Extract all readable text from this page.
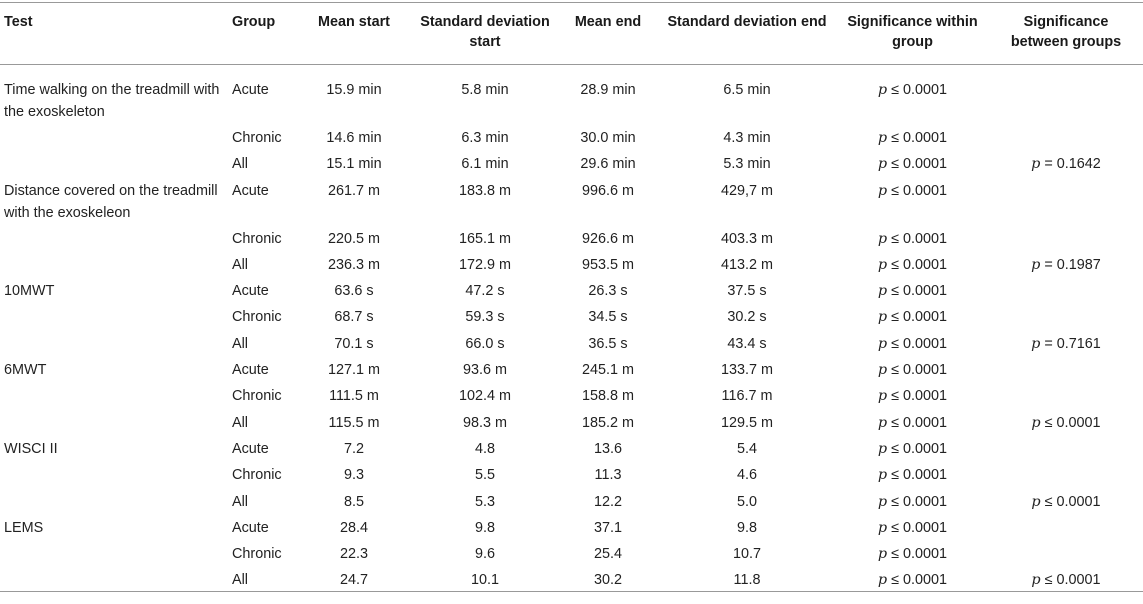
Test	Group	Mean start	Standard deviation start	Mean end	Standard deviation end	Significance within group	Significance between groups
Time walking on the treadmill with the exoskeleton	Acute	15.9 min	5.8 min	28.9 min	6.5 min	p ≤ 0.0001	
	Chronic	14.6 min	6.3 min	30.0 min	4.3 min	p ≤ 0.0001	
	All	15.1 min	6.1 min	29.6 min	5.3 min	p ≤ 0.0001	p = 0.1642
Distance covered on the treadmill with the exoskeleon	Acute	261.7 m	183.8 m	996.6 m	429,7 m	p ≤ 0.0001	
	Chronic	220.5 m	165.1 m	926.6 m	403.3 m	p ≤ 0.0001	
	All	236.3 m	172.9 m	953.5 m	413.2 m	p ≤ 0.0001	p = 0.1987
10MWT	Acute	63.6 s	47.2 s	26.3 s	37.5 s	p ≤ 0.0001	
	Chronic	68.7 s	59.3 s	34.5 s	30.2 s	p ≤ 0.0001	
	All	70.1 s	66.0 s	36.5 s	43.4 s	p ≤ 0.0001	p = 0.7161
6MWT	Acute	127.1 m	93.6 m	245.1 m	133.7 m	p ≤ 0.0001	
	Chronic	111.5 m	102.4 m	158.8 m	116.7 m	p ≤ 0.0001	
	All	115.5 m	98.3 m	185.2 m	129.5 m	p ≤ 0.0001	p ≤ 0.0001
WISCI II	Acute	7.2	4.8	13.6	5.4	p ≤ 0.0001	
	Chronic	9.3	5.5	11.3	4.6	p ≤ 0.0001	
	All	8.5	5.3	12.2	5.0	p ≤ 0.0001	p ≤ 0.0001
LEMS	Acute	28.4	9.8	37.1	9.8	p ≤ 0.0001	
	Chronic	22.3	9.6	25.4	10.7	p ≤ 0.0001	
	All	24.7	10.1	30.2	11.8	p ≤ 0.0001	p ≤ 0.0001
